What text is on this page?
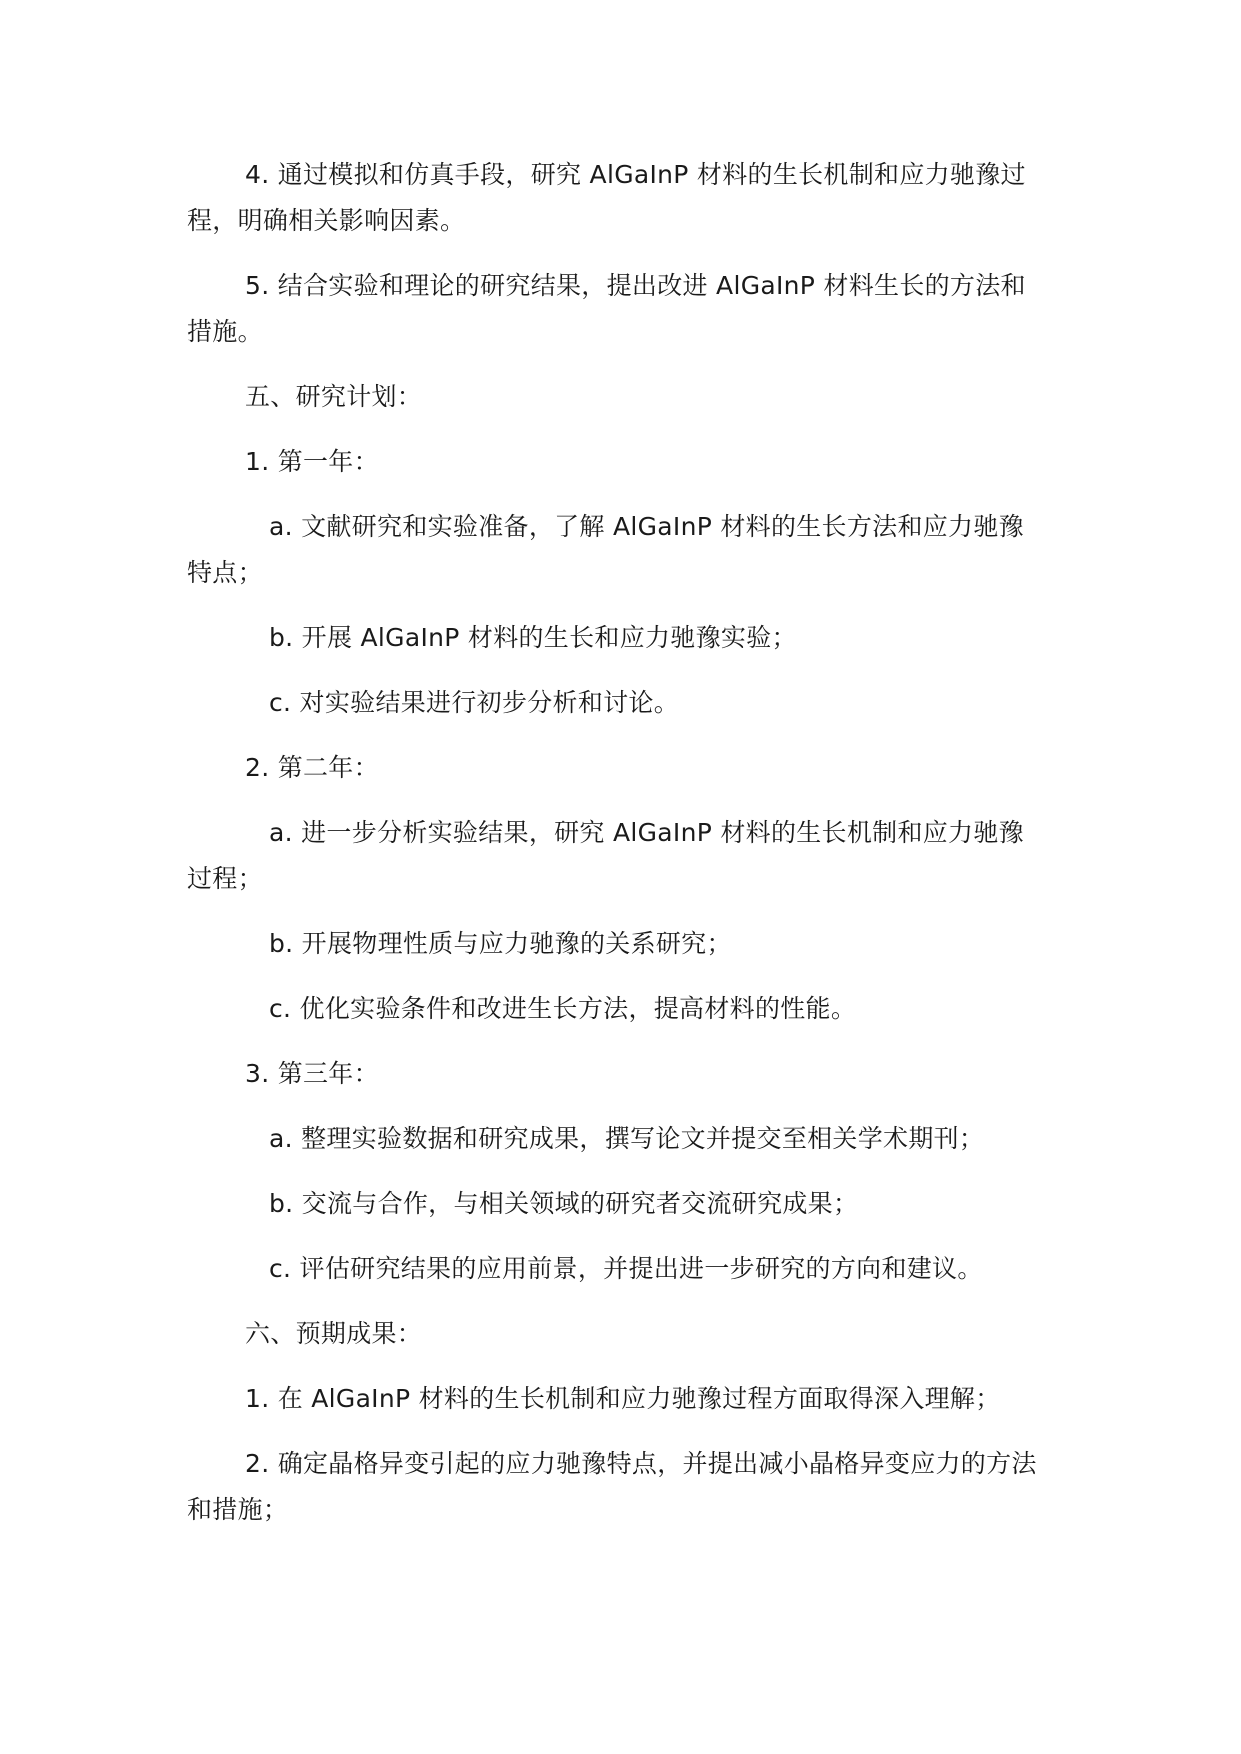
4. 通过模拟和仿真手段，研究 AlGaInP 材料的生长机制和应力驰豫过程，明确相关影响因素。

5. 结合实验和理论的研究结果，提出改进 AlGaInP 材料生长的方法和措施。

五、研究计划：

1. 第一年：

a. 文献研究和实验准备，了解 AlGaInP 材料的生长方法和应力驰豫特点；

b. 开展 AlGaInP 材料的生长和应力驰豫实验；

c. 对实验结果进行初步分析和讨论。

2. 第二年：

a. 进一步分析实验结果，研究 AlGaInP 材料的生长机制和应力驰豫过程；

b. 开展物理性质与应力驰豫的关系研究；

c. 优化实验条件和改进生长方法，提高材料的性能。

3. 第三年：

a. 整理实验数据和研究成果，撰写论文并提交至相关学术期刊；

b. 交流与合作，与相关领域的研究者交流研究成果；

c. 评估研究结果的应用前景，并提出进一步研究的方向和建议。

六、预期成果：

1. 在 AlGaInP 材料的生长机制和应力驰豫过程方面取得深入理解；

2. 确定晶格异变引起的应力驰豫特点，并提出减小晶格异变应力的方法和措施；
